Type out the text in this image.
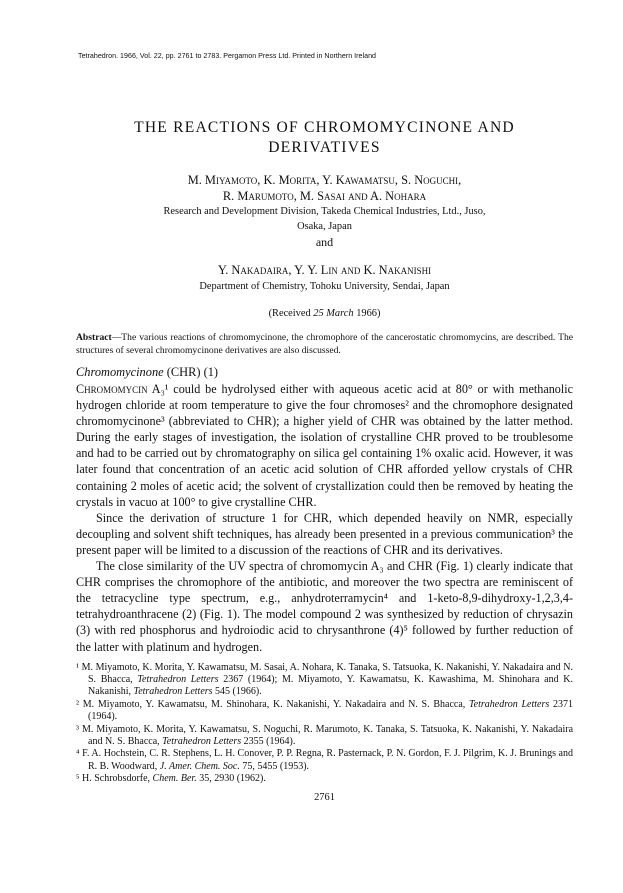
Tetrahedron. 1966, Vol. 22, pp. 2761 to 2783. Pergamon Press Ltd. Printed in Northern Ireland
THE REACTIONS OF CHROMOMYCINONE AND
DERIVATIVES
M. Miyamoto, K. Morita, Y. Kawamatsu, S. Noguchi,
R. Marumoto, M. Sasai and A. Nohara
Research and Development Division, Takeda Chemical Industries, Ltd., Juso,
Osaka, Japan
and
Y. Nakadaira, Y. Y. Lin and K. Nakanishi
Department of Chemistry, Tohoku University, Sendai, Japan
(Received 25 March 1966)
Abstract—The various reactions of chromomycinone, the chromophore of the cancerostatic chromomycins, are described. The structures of several chromomycinone derivatives are also discussed.
Chromomycinone (CHR) (1)

Chromomycin A₃¹ could be hydrolysed either with aqueous acetic acid at 80° or with methanolic hydrogen chloride at room temperature to give the four chromoses² and the chromophore designated chromomycinone³ (abbreviated to CHR); a higher yield of CHR was obtained by the latter method. During the early stages of investigation, the isolation of crystalline CHR proved to be troublesome and had to be carried out by chromatography on silica gel containing 1% oxalic acid. However, it was later found that concentration of an acetic acid solution of CHR afforded yellow crystals of CHR containing 2 moles of acetic acid; the solvent of crystallization could then be removed by heating the crystals in vacuo at 100° to give crystalline CHR.

Since the derivation of structure 1 for CHR, which depended heavily on NMR, especially decoupling and solvent shift techniques, has already been presented in a previous communication³ the present paper will be limited to a discussion of the reactions of CHR and its derivatives.

The close similarity of the UV spectra of chromomycin A₃ and CHR (Fig. 1) clearly indicate that CHR comprises the chromophore of the antibiotic, and moreover the two spectra are reminiscent of the tetracycline type spectrum, e.g., anhydroterramycin⁴ and 1-keto-8,9-dihydroxy-1,2,3,4-tetrahydroanthracene (2) (Fig. 1). The model compound 2 was synthesized by reduction of chrysazin (3) with red phosphorus and hydroiodic acid to chrysanthrone (4)⁵ followed by further reduction of the latter with platinum and hydrogen.

¹ M. Miyamoto, K. Morita, Y. Kawamatsu, M. Sasai, A. Nohara, K. Tanaka, S. Tatsuoka, K. Nakanishi, Y. Nakadaira and N. S. Bhacca, Tetrahedron Letters 2367 (1964); M. Miyamoto, Y. Kawamatsu, K. Kawashima, M. Shinohara and K. Nakanishi, Tetrahedron Letters 545 (1966).
² M. Miyamoto, Y. Kawamatsu, M. Shinohara, K. Nakanishi, Y. Nakadaira and N. S. Bhacca, Tetrahedron Letters 2371 (1964).
³ M. Miyamoto, K. Morita, Y. Kawamatsu, S. Noguchi, R. Marumoto, K. Tanaka, S. Tatsuoka, K. Nakanishi, Y. Nakadaira and N. S. Bhacca, Tetrahedron Letters 2355 (1964).
⁴ F. A. Hochstein, C. R. Stephens, L. H. Conover, P. P. Regna, R. Pasternack, P. N. Gordon, F. J. Pilgrim, K. J. Brunings and R. B. Woodward, J. Amer. Chem. Soc. 75, 5455 (1953).
⁵ H. Schrobsdorfe, Chem. Ber. 35, 2930 (1962).
2761
